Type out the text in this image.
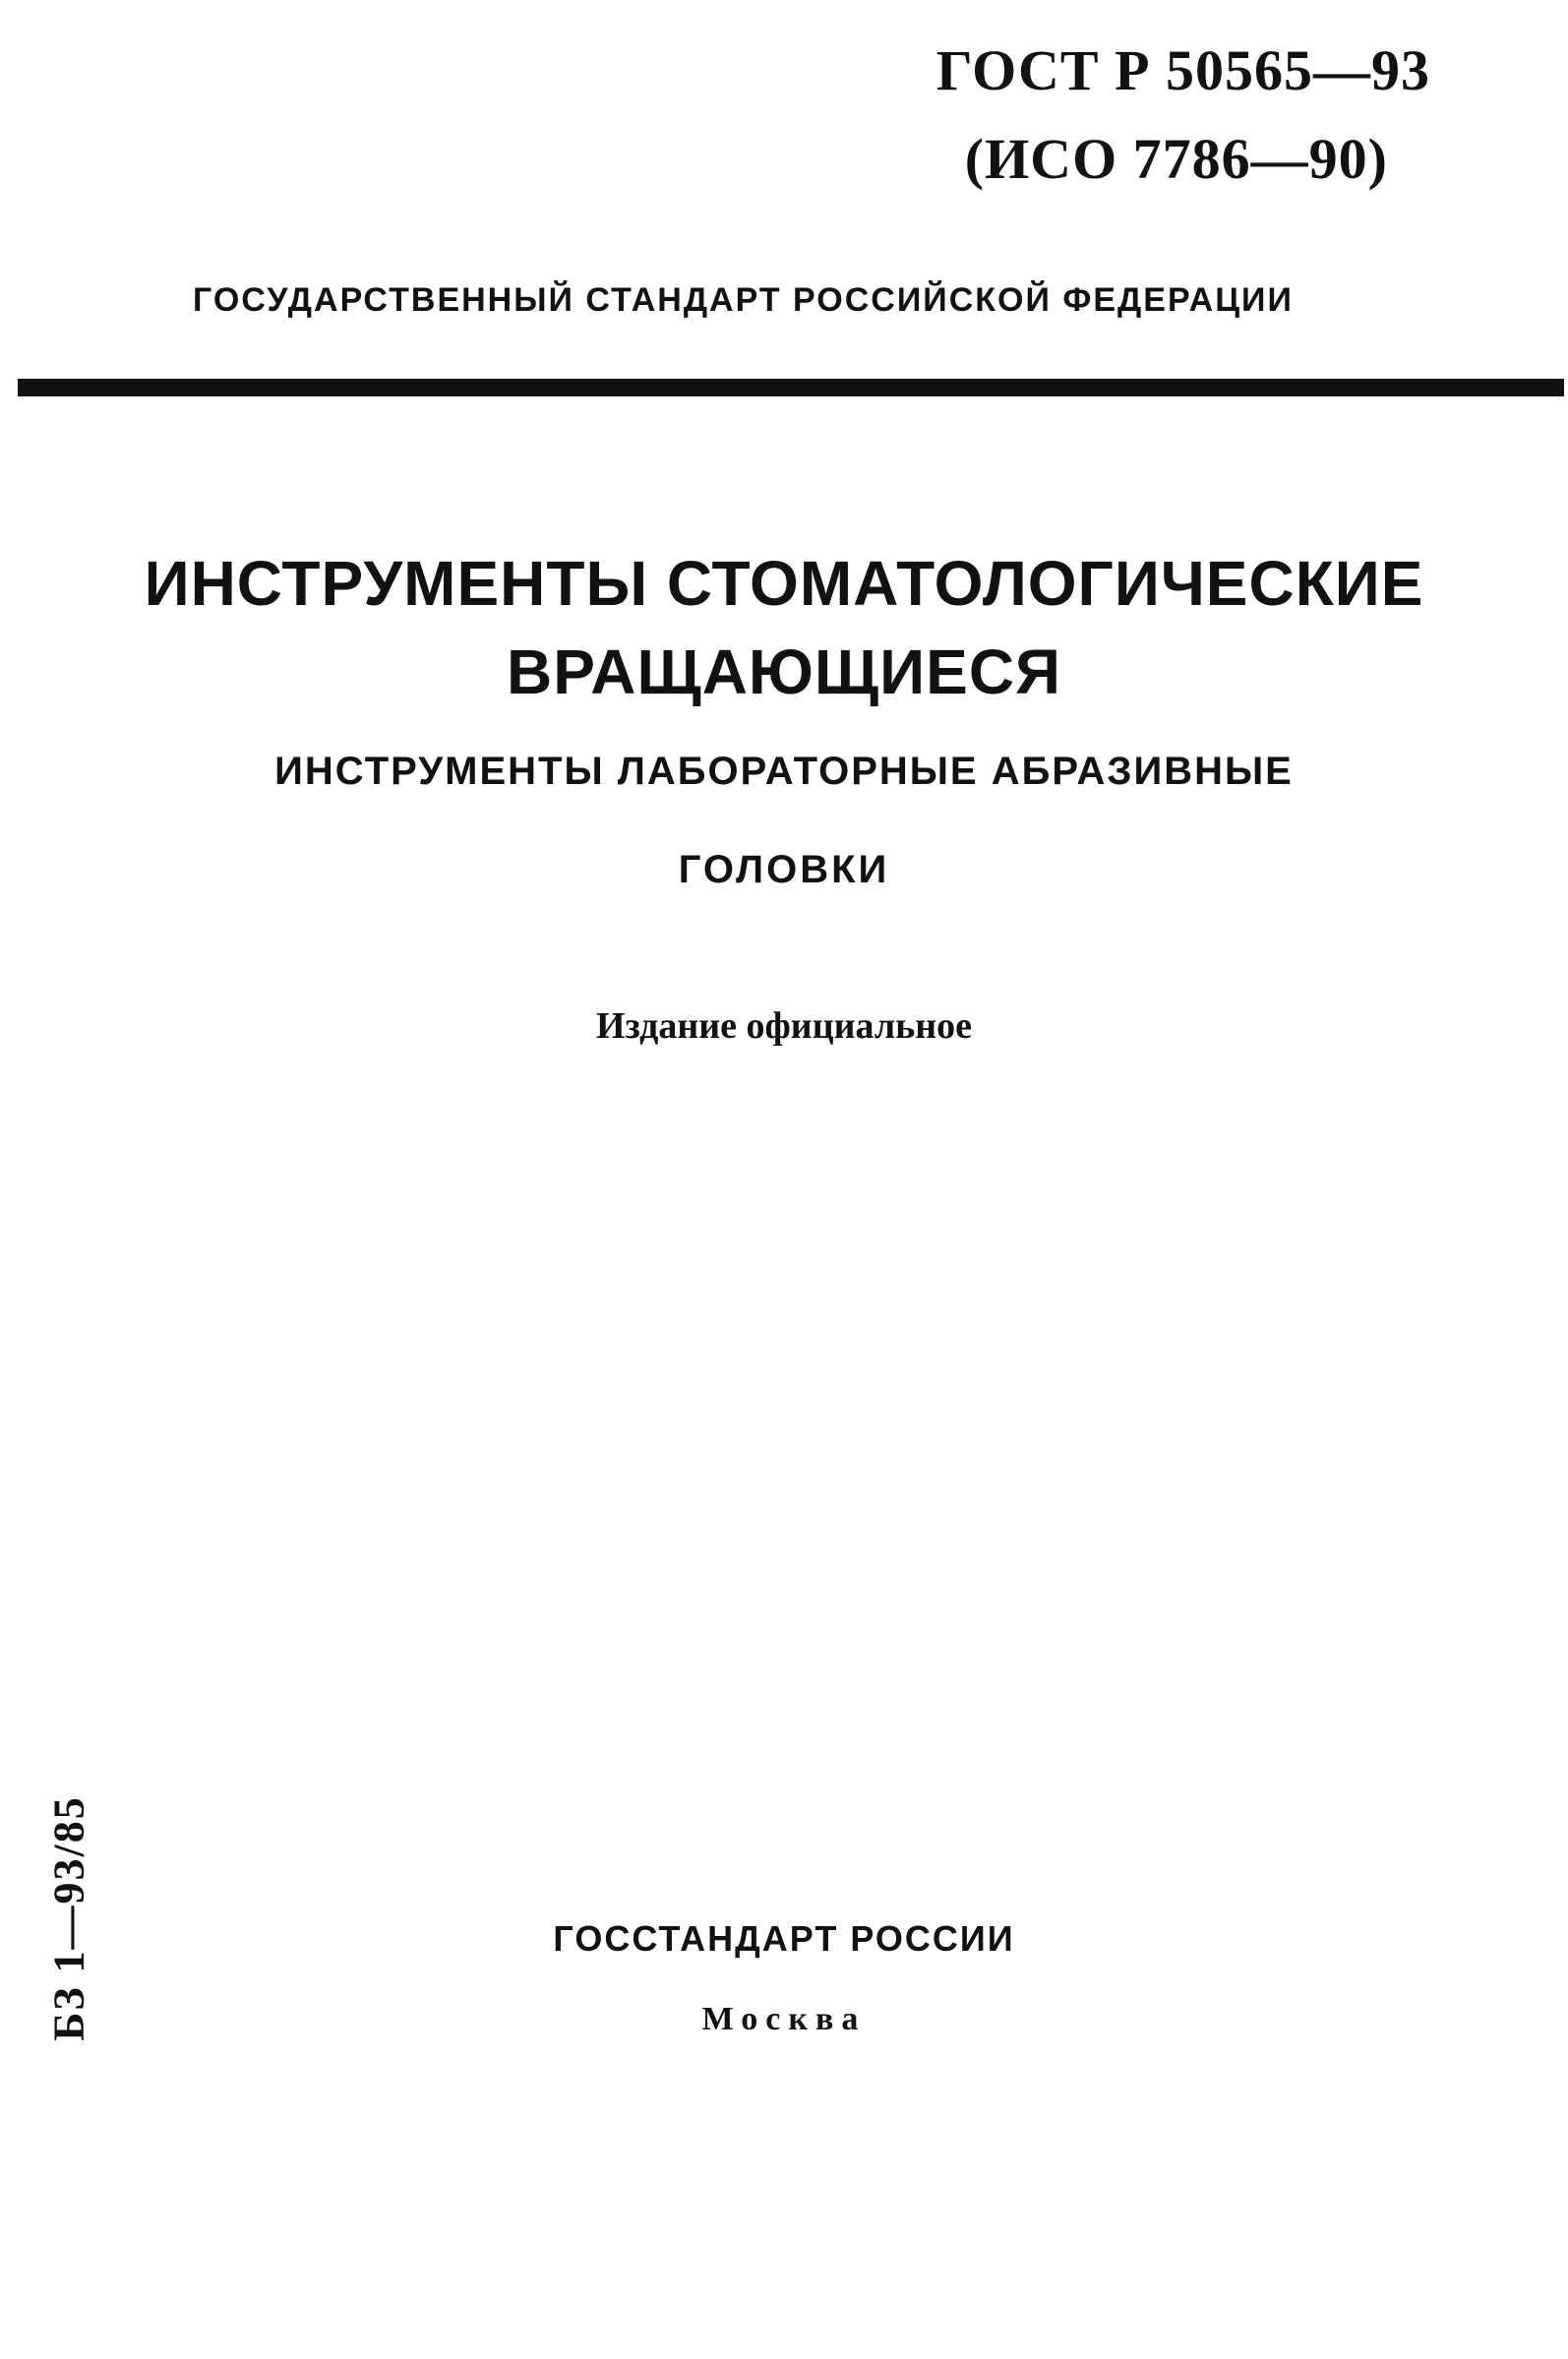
ГОСТ Р 50565—93
(ИСО 7786—90)
ГОСУДАРСТВЕННЫЙ СТАНДАРТ РОССИЙСКОЙ ФЕДЕРАЦИИ
ИНСТРУМЕНТЫ СТОМАТОЛОГИЧЕСКИЕ
ВРАЩАЮЩИЕСЯ
ИНСТРУМЕНТЫ ЛАБОРАТОРНЫЕ АБРАЗИВНЫЕ
ГОЛОВКИ
Издание официальное
БЗ 1—93/85	ГОССТАНДАРТ РОССИИ
Москва
